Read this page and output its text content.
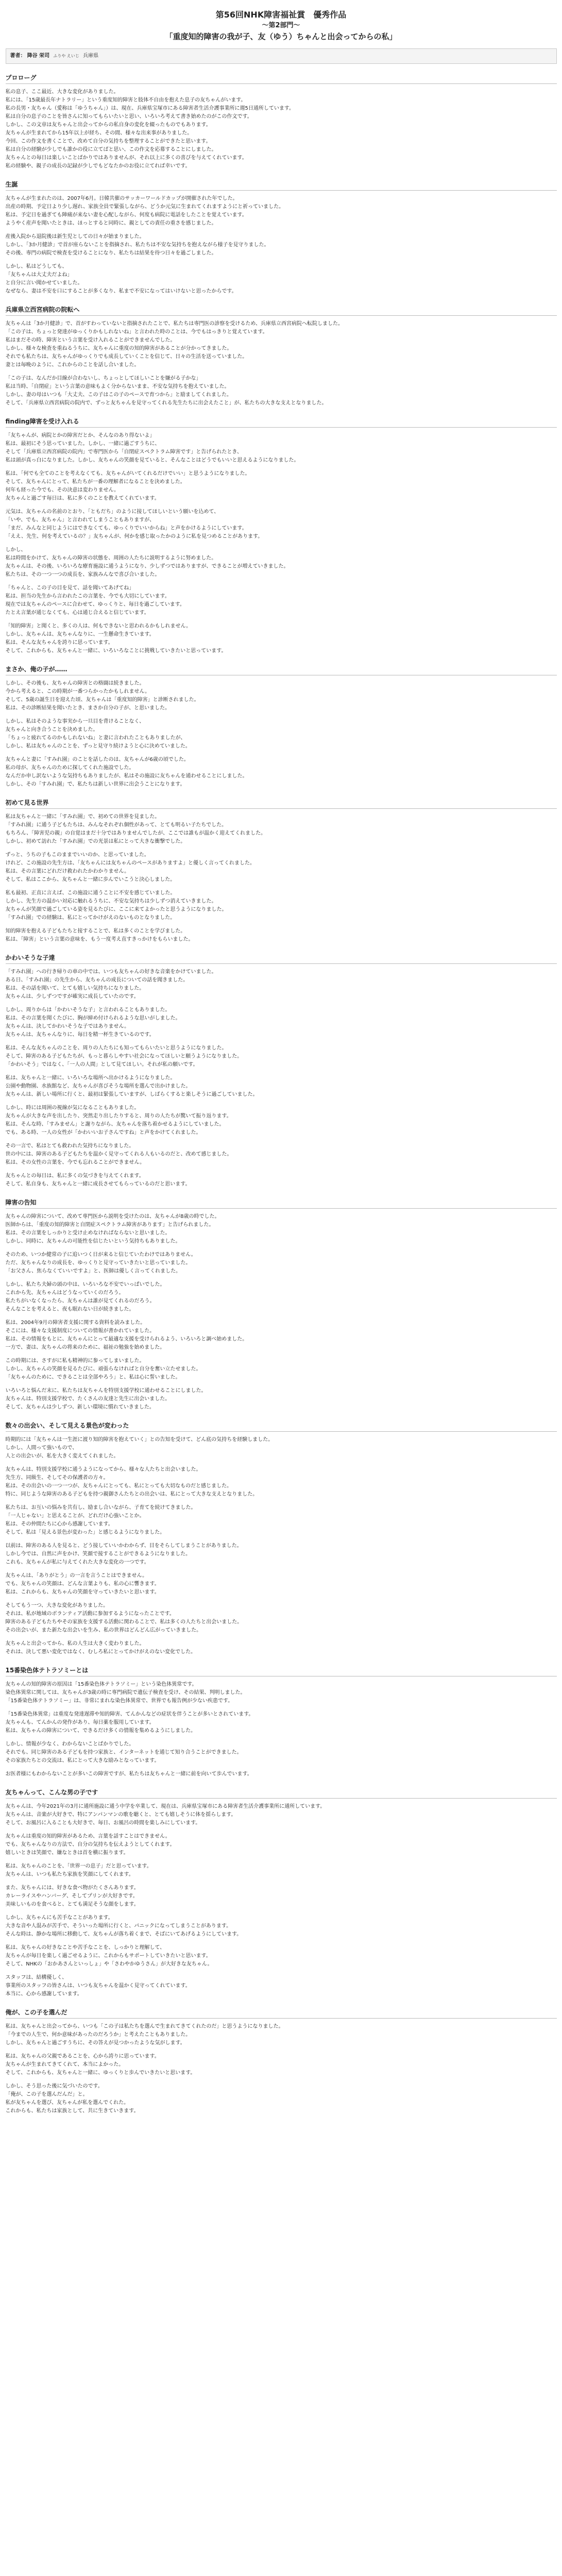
第56回NHK障害福祉賞　優秀作品
～第2部門～
「重度知的障害の我が子、友（ゆう）ちゃんと出会ってからの私」
著者： 降谷 栄司 ふりや えいじ 兵庫県
プロローグ
私の息子、ここ最近、大きな変化がありました。
私には、「15歳最長年ナトラリー」という重度知的障害と肢体不自由を抱えた息子の友ちゃんがいます。
私の長男・友ちゃん（愛称は「ゆうちゃん」）は、現在、兵庫県宝塚市にある障害者生活介護事業所に週5日通所しています。
私は自分の息子のことを皆さんに知ってもらいたいと思い、いろいろ考えて書き始めたのがこの作文です。
しかし、この文章は友ちゃんと出会ってからの私自身の変化を綴ったものでもあります。
友ちゃんが生まれてから15年以上が経ち、その間、様々な出来事がありました。
今回、この作文を書くことで、改めて自分の気持ちを整理することができたと思います。
私は自分の経験が少しでも誰かの役に立てばと思い、この作文を応募することにしました。
友ちゃんとの毎日は楽しいことばかりではありませんが、それ以上に多くの喜びを与えてくれています。
私の経験や、親子の成長の記録が少しでもどなたかのお役に立てれば幸いです。
生誕
友ちゃんが生まれたのは、2007年6月。日韓共催のサッカーワールドカップが開催された年でした。
出産の時期、予定日より少し遅れ、家族全員で緊張しながら、どうか元気に生まれてくれますようにと祈っていました。
私は、予定日を過ぎても陣痛が来ない妻を心配しながら、何度も病院に電話をしたことを覚えています。
ようやく産声を聞いたときは、ほっとすると同時に、親としての責任の重さを感じました。
産後入院から退院後は新生児としての日々が始まりました。
しかし、「3か月健診」で首が座らないことを指摘され、私たちは不安な気持ちを抱えながら様子を見守りました。
その後、専門の病院で検査を受けることになり、私たちは結果を待つ日々を過ごしました。
しかし、私はどうしても、
「友ちゃんは大丈夫だよね」
と自分に言い聞かせていました。
なぜなら、妻は不安を口にすることが多くなり、私まで不安になってはいけないと思ったからです。
兵庫県立西宮病院の院転へ
友ちゃんは「3か月健診」で、首がすわっていないと指摘されたことで、私たちは専門医の診察を受けるため、兵庫県立西宮病院へ転院しました。
「この子は、ちょっと発達がゆっくりかもしれないね」と言われた時のことは、今でもはっきりと覚えています。
私はまだその時、障害という言葉を受け入れることができませんでした。
しかし、様々な検査を重ねるうちに、友ちゃんに重度の知的障害があることが分かってきました。
それでも私たちは、友ちゃんがゆっくりでも成長していくことを信じて、日々の生活を送っていました。
妻とは毎晩のように、これからのことを話し合いました。
「この子は、なんだか目線が合わないし、ちょっとしてほしいことを嫌がる子かな」
私は当時、「自閉症」という言葉の意味もよく分からないまま、不安な気持ちを抱えていました。
しかし、妻の母はいつも「大丈夫、この子はこの子のペースで育つから」と励ましてくれました。
そして、「兵庫県立西宮病院の院内で、ずっと友ちゃんを見守ってくれる先生たちに出会えたこと」が、私たちの大きな支えとなりました。
finding障害を受け入れる
「友ちゃんが、病院とかの障害だとか、そんなのあり得ないよ」
私は、最初にそう思っていました。しかし、一緒に過ごすうちに、
そして「兵庫県立西宮病院の院内」で専門医から「自閉症スペクトラム障害です」と告げられたとき、
私は頭が真っ白になりました。しかし、友ちゃんの笑顔を見ていると、そんなことはどうでもいいと思えるようになりました。
私は、「何でも全てのことを考えなくても、友ちゃんがいてくれるだけでいい」と思うようになりました。
そして、友ちゃんにとって、私たちが一番の理解者になることを決めました。
何年も経った今でも、その決意は変わりません。
友ちゃんと過ごす毎日は、私に多くのことを教えてくれています。
元気は、友ちゃんの名前のとおり、「ともだち」のように接してほしいという願いを込めて、
「いや、でも、友ちゃん」と言われてしまうこともありますが、
「まだ、みんなと同じようにはできなくても、ゆっくりでいいからね」と声をかけるようにしています。
「ええ、先生、何を考えているの？」友ちゃんが、何かを感じ取ったかのように私を見つめることがあります。
しかし、
私は時間をかけて、友ちゃんの障害の状態を、周囲の人たちに説明するように努めました。
友ちゃんは、その後、いろいろな療育施設に通うようになり、少しずつではありますが、できることが増えていきました。
私たちは、その一つ一つの成長を、家族みんなで喜び合いました。
「ちゃんと、この子の目を見て、話を聞いてあげてね」
私は、担当の先生から言われたこの言葉を、今でも大切にしています。
現在では友ちゃんのペースに合わせて、ゆっくりと、毎日を過ごしています。
たとえ言葉が通じなくても、心は通じ合えると信じています。
「知的障害」と聞くと、多くの人は、何もできないと思われるかもしれません。
しかし、友ちゃんは、友ちゃんなりに、一生懸命生きています。
私は、そんな友ちゃんを誇りに思っています。
そして、これからも、友ちゃんと一緒に、いろいろなことに挑戦していきたいと思っています。
まさか、俺の子が……
しかし、その後も、友ちゃんの障害との格闘は続きました。
今から考えると、この時期が一番つらかったかもしれません。
そして、5歳の誕生日を迎えた頃、友ちゃんは「重度知的障害」と診断されました。
私は、その診断結果を聞いたとき、まさか自分の子が、と思いました。
しかし、私はそのような事実から一旦目を背けることなく、
友ちゃんと向き合うことを決めました。
「ちょっと疲れてるのかもしれないね」と妻に言われたこともありましたが、
しかし、私は友ちゃんのことを、ずっと見守り続けようと心に決めていました。
友ちゃんと妻に「すみれ園」のことを話したのは、友ちゃんが6歳の頃でした。
私の母が、友ちゃんのために探してくれた施設でした。
なんだか申し訳ないような気持ちもありましたが、私はその施設に友ちゃんを通わせることにしました。
しかし、その「すみれ園」で、私たちは新しい世界に出会うことになります。
初めて見る世界
私は友ちゃんと一緒に「すみれ園」で、初めての世界を見ました。
「すみれ園」に通う子どもたちは、みんなそれぞれ個性があって、とても明るい子たちでした。
もちろん、「障害児の親」の自覚はまだ十分ではありませんでしたが、ここでは誰もが温かく迎えてくれました。
しかし、初めて訪れた「すみれ園」での光景は私にとって大きな衝撃でした。
ずっと、うちの子もこのままでいいのか、と思っていました。
けれど、この施設の先生方は、「友ちゃんには友ちゃんのペースがありますよ」と優しく言ってくれました。
私は、その言葉にどれだけ救われたかわかりません。
そして、私はここから、友ちゃんと一緒に歩んでいこうと決心しました。
私も最初、正直に言えば、この施設に通うことに不安を感じていました。
しかし、先生方の温かい対応に触れるうちに、不安な気持ちは少しずつ消えていきました。
友ちゃんが笑顔で過ごしている姿を見るたびに、ここに来てよかったと思うようになりました。
「すみれ園」での経験は、私にとってかけがえのないものとなりました。
知的障害を抱える子どもたちと接することで、私は多くのことを学びました。
私は、「障害」という言葉の意味を、もう一度考え直すきっかけをもらいました。
かわいそうな子達
「すみれ園」への行き帰りの車の中では、いつも友ちゃんの好きな音楽をかけていました。
ある日、「すみれ園」の先生から、友ちゃんの成長についての話を聞きました。
私は、その話を聞いて、とても嬉しい気持ちになりました。
友ちゃんは、少しずつですが確実に成長していたのです。
しかし、周りからは「かわいそうな子」と言われることもありました。
私は、その言葉を聞くたびに、胸が締め付けられるような思いがしました。
友ちゃんは、決してかわいそうな子ではありません。
友ちゃんは、友ちゃんなりに、毎日を精一杯生きているのです。
私は、そんな友ちゃんのことを、周りの人たちにも知ってもらいたいと思うようになりました。
そして、障害のある子どもたちが、もっと暮らしやすい社会になってほしいと願うようになりました。
「かわいそう」ではなく、「一人の人間」として見てほしい。それが私の願いです。
私は、友ちゃんと一緒に、いろいろな場所へ出かけるようになりました。
公園や動物園、水族館など、友ちゃんが喜びそうな場所を選んで出かけました。
友ちゃんは、新しい場所に行くと、最初は緊張していますが、しばらくすると楽しそうに過ごしていました。
しかし、時には周囲の視線が気になることもありました。
友ちゃんが大きな声を出したり、突然走り出したりすると、周りの人たちが驚いて振り返ります。
私は、そんな時、「すみません」と謝りながら、友ちゃんを落ち着かせるようにしていました。
でも、ある時、一人の女性が「かわいいお子さんですね」と声をかけてくれました。
その一言で、私はとても救われた気持ちになりました。
世の中には、障害のある子どもたちを温かく見守ってくれる人もいるのだと、改めて感じました。
私は、その女性の言葉を、今でも忘れることができません。
友ちゃんとの毎日は、私に多くの気づきを与えてくれます。
そして、私自身も、友ちゃんと一緒に成長させてもらっているのだと思います。
障害の告知
友ちゃんの障害について、改めて専門医から説明を受けたのは、友ちゃんが8歳の時でした。
医師からは、「重度の知的障害と自閉症スペクトラム障害があります」と告げられました。
私は、その言葉をしっかりと受け止めなければならないと思いました。
しかし、同時に、友ちゃんの可能性を信じたいという気持ちもありました。
そのため、いつか健常の子に追いつく日が来ると信じていたわけではありません。
ただ、友ちゃんなりの成長を、ゆっくりと見守っていきたいと思っていました。
「お父さん、焦らなくていいですよ」と、医師は優しく言ってくれました。
しかし、私たち夫婦の頭の中は、いろいろな不安でいっぱいでした。
これから先、友ちゃんはどうなっていくのだろう。
私たちがいなくなったら、友ちゃんは誰が見てくれるのだろう。
そんなことを考えると、夜も眠れない日が続きました。
私は、2004年9月の障害者支援に関する資料を読みました。
そこには、様々な支援制度についての情報が書かれていました。
私は、その情報をもとに、友ちゃんにとって最適な支援を受けられるよう、いろいろと調べ始めました。
一方で、妻は、友ちゃんの将来のために、福祉の勉強を始めました。
この時期には、さすがに私も精神的に参ってしまいました。
しかし、友ちゃんの笑顔を見るたびに、頑張らなければと自分を奮い立たせました。
「友ちゃんのために、できることは全部やろう」と、私は心に誓いました。
いろいろと悩んだ末に、私たちは友ちゃんを特別支援学校に通わせることにしました。
友ちゃんは、特別支援学校で、たくさんの友達と先生に出会いました。
そして、友ちゃんは少しずつ、新しい環境に慣れていきました。
数々の出会い、そして見える景色が変わった
時期的には「友ちゃんは一生涯に渡り知的障害を抱えていく」との告知を受けて、どん底の気持ちを経験しました。
しかし、人間って強いもので、
人との出会いが、私を大きく変えてくれました。
友ちゃんは、特別支援学校に通うようになってから、様々な人たちと出会いました。
先生方、同級生、そしてその保護者の方々。
私は、その出会いの一つ一つが、友ちゃんにとっても、私にとっても大切なものだと感じました。
特に、同じような障害のある子どもを持つ親御さんたちとの出会いは、私にとって大きな支えとなりました。
私たちは、お互いの悩みを共有し、励まし合いながら、子育てを続けてきました。
「一人じゃない」と思えることが、どれだけ心強いことか。
私は、その仲間たちに心から感謝しています。
そして、私は「見える景色が変わった」と感じるようになりました。
以前は、障害のある人を見ると、どう接していいかわからず、目をそらしてしまうことがありました。
しかし今では、自然に声をかけ、笑顔で接することができるようになりました。
これも、友ちゃんが私に与えてくれた大きな変化の一つです。
友ちゃんは、「ありがとう」の一言を言うことはできません。
でも、友ちゃんの笑顔は、どんな言葉よりも、私の心に響きます。
私は、これからも、友ちゃんの笑顔を守っていきたいと思います。
そしてもう一つ、大きな変化がありました。
それは、私が地域のボランティア活動に参加するようになったことです。
障害のある子どもたちやその家族を支援する活動に関わることで、私は多くの人たちと出会いました。
その出会いが、また新たな出会いを生み、私の世界はどんどん広がっていきました。
友ちゃんと出会ってから、私の人生は大きく変わりました。
それは、決して悪い変化ではなく、むしろ私にとってかけがえのない変化でした。
15番染色体テトラソミーとは
友ちゃんの知的障害の原因は「15番染色体テトラソミー」という染色体異常です。
染色体異常に関しては、友ちゃんが3歳の時に専門病院で遺伝子検査を受け、その結果、判明しました。
「15番染色体テトラソミー」は、非常にまれな染色体異常で、世界でも報告例が少ない疾患です。
「15番染色体異常」は重度な発達遅滞や知的障害、てんかんなどの症状を伴うことが多いとされています。
友ちゃんも、てんかんの発作があり、毎日薬を服用しています。
私は、友ちゃんの障害について、できるだけ多くの情報を集めるようにしました。
しかし、情報が少なく、わからないことばかりでした。
それでも、同じ障害のある子どもを持つ家族と、インターネットを通じて知り合うことができました。
その家族たちとの交流は、私にとって大きな励みとなっています。
お医者様にもわからないことが多いこの障害ですが、私たちは友ちゃんと一緒に前を向いて歩んでいます。
友ちゃんって、こんな男の子です
友ちゃんは、今年2021年の3月に通所施設に通う中学を卒業して、現在は、兵庫県宝塚市にある障害者生活介護事業所に通所しています。
友ちゃんは、音楽が大好きで、特にアンパンマンの歌を聴くと、とても嬉しそうに体を揺らします。
そして、お風呂に入ることも大好きで、毎日、お風呂の時間を楽しみにしています。
友ちゃんは重度の知的障害があるため、言葉を話すことはできません。
でも、友ちゃんなりの方法で、自分の気持ちを伝えようとしてくれます。
嬉しいときは笑顔で、嫌なときは首を横に振ります。
私は、友ちゃんのことを、「世界一の息子」だと思っています。
友ちゃんは、いつも私たち家族を笑顔にしてくれます。
また、友ちゃんには、好きな食べ物がたくさんあります。
カレーライスやハンバーグ、そしてプリンが大好きです。
美味しいものを食べると、とても満足そうな顔をします。
しかし、友ちゃんにも苦手なことがあります。
大きな音や人混みが苦手で、そういった場所に行くと、パニックになってしまうことがあります。
そんな時は、静かな場所に移動して、友ちゃんが落ち着くまで、そばにいてあげるようにしています。
私は、友ちゃんの好きなことや苦手なことを、しっかりと理解して、
友ちゃんが毎日を楽しく過ごせるように、これからもサポートしていきたいと思います。
そして、NHKの「おかあさんといっしょ」や「さわやかゆうさん」が大好きな友ちゃん。
スタッフは、結構優しく、
事業所のスタッフの皆さんは、いつも友ちゃんを温かく見守ってくれています。
本当に、心から感謝しています。
俺が、この子を選んだ
私は、友ちゃんと出会ってから、いつも「この子は私たちを選んで生まれてきてくれたのだ」と思うようになりました。
「今までの人生で、何か意味があったのだろうか」と考えたこともありました。
しかし、友ちゃんと過ごすうちに、その答えが見つかったような気がします。
私は、友ちゃんの父親であることを、心から誇りに思っています。
友ちゃんが生まれてきてくれて、本当によかった。
そして、これからも、友ちゃんと一緒に、ゆっくりと歩んでいきたいと思います。
しかし、そう思った後に気づいたのです。
「俺が、この子を選んだんだ」と。
私が友ちゃんを選び、友ちゃんが私を選んでくれた。
これからも、私たちは家族として、共に生きていきます。
